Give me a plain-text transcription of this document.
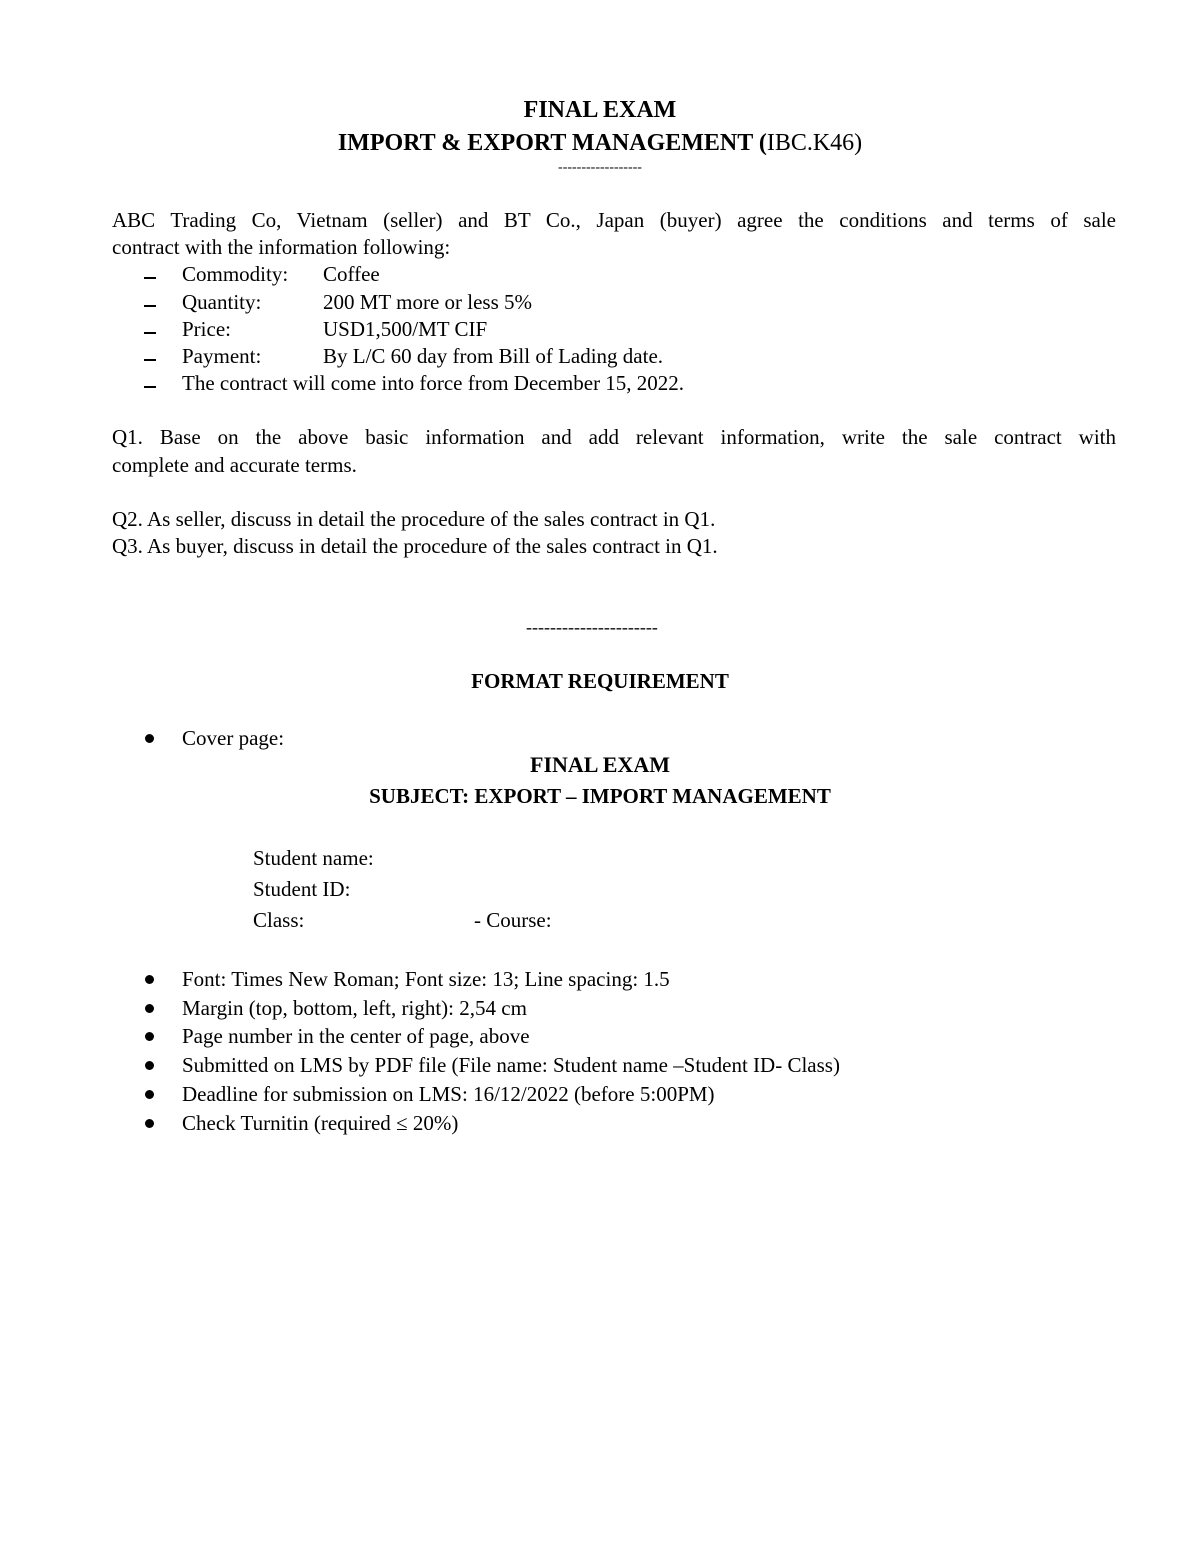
FINAL EXAM
IMPORT & EXPORT MANAGEMENT (IBC.K46)
------------------
ABC Trading Co, Vietnam (seller) and BT Co., Japan (buyer) agree the conditions and terms of sale
contract with the information following:
Commodity: Coffee
Quantity:	200 MT more or less 5%
Price:	USD1,500/MT CIF
Payment:	By L/C 60 day from Bill of Lading date.
The contract will come into force from December 15, 2022.
Q1. Base on the above basic information and add relevant information, write the sale contract with
complete and accurate terms.
Q2. As seller, discuss in detail the procedure of the sales contract in Q1.
Q3. As buyer, discuss in detail the procedure of the sales contract in Q1.
----------------------
FORMAT REQUIREMENT
Cover page:
FINAL EXAM
SUBJECT: EXPORT – IMPORT MANAGEMENT
Student name:
Student ID:
Class:	- Course:
Font: Times New Roman; Font size: 13; Line spacing: 1.5
Margin (top, bottom, left, right): 2,54 cm
Page number in the center of page, above
Submitted on LMS by PDF file (File name: Student name –Student ID- Class)
Deadline for submission on LMS: 16/12/2022 (before 5:00PM)
Check Turnitin (required ≤ 20%)
